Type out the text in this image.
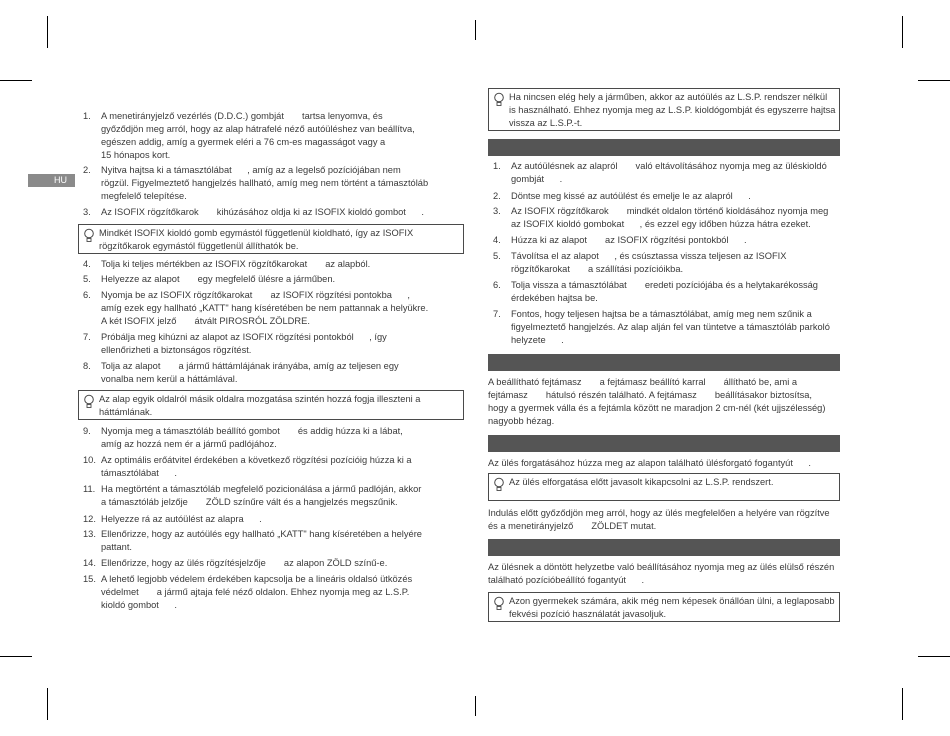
HU
1.	A menetirányjelző vezérlés (D.D.C.) gombját       tartsa lenyomva, és
győződjön meg arról, hogy az alap hátrafelé néző autóüléshez van beállítva,
egészen addig, amíg a gyermek eléri a 76 cm-es magasságot vagy a
15 hónapos kort.
2.	Nyitva hajtsa ki a támasztólábat      , amíg az a legelső pozíciójában nem
rögzül. Figyelmeztető hangjelzés hallható, amíg meg nem történt a támasztóláb
megfelelő telepítése.
3.	Az ISOFIX rögzítőkarok       kihúzásához oldja ki az ISOFIX kioldó gombot      .
4.	Tolja ki teljes mértékben az ISOFIX rögzítőkarokat       az alapból.
5.	Helyezze az alapot       egy megfelelő ülésre a járműben.
6.	Nyomja be az ISOFIX rögzítőkarokat       az ISOFIX rögzítési pontokba      ,
amíg ezek egy hallható „KATT" hang kíséretében be nem pattannak a helyükre.
A két ISOFIX jelző       átvált PIROSRÓL ZÖLDRE.
7.	Próbálja meg kihúzni az alapot az ISOFIX rögzítési pontokból      , így
ellenőrizheti a biztonságos rögzítést.
8.	Tolja az alapot       a jármű háttámlájának irányába, amíg az teljesen egy
vonalba nem kerül a háttámlával.
9.	Nyomja meg a támasztóláb beállító gombot       és addig húzza ki a lábat,
amíg az hozzá nem ér a jármű padlójához.
10. Az optimális erőátvitel érdekében a következő rögzítési pozícióig húzza ki a
támasztólábat      .
11. Ha megtörtént a támasztóláb megfelelő pozicionálása a jármű padlóján, akkor
a támasztóláb jelzője       ZÖLD színűre vált és a hangjelzés megszűnik.
12. Helyezze rá az autóülést az alapra      .
13. Ellenőrizze, hogy az autóülés egy hallható „KATT" hang kíséretében a helyére
pattant.
14. Ellenőrizze, hogy az ülés rögzítésjelzője       az alapon ZÖLD színű-e.
15. A lehető legjobb védelem érdekében kapcsolja be a lineáris oldalsó ütközés
védelmet       a jármű ajtaja felé néző oldalon. Ehhez nyomja meg az L.S.P.
kioldó gombot      .
Mindkét ISOFIX kioldó gomb egymástól függetlenül kioldható, így az ISOFIX
rögzítőkarok egymástól függetlenül állíthatók be.
Az alap egyik oldalról másik oldalra mozgatása szintén hozzá fogja illeszteni a
háttámlának.
Ha nincsen elég hely a járműben, akkor az autóülés az L.S.P. rendszer nélkül
is használható. Ehhez nyomja meg az L.S.P. kioldógombját és egyszerre hajtsa
vissza az L.S.P.-t.
1.	Az autóülésnek az alapról       való eltávolításához nyomja meg az üléskioldó
gombját      .
2.	Döntse meg kissé az autóülést és emelje le az alapról      .
3.	Az ISOFIX rögzítőkarok       mindkét oldalon történő kioldásához nyomja meg
az ISOFIX kioldó gombokat      , és ezzel egy időben húzza hátra ezeket.
4.	Húzza ki az alapot       az ISOFIX rögzítési pontokból      .
5.	Távolítsa el az alapot      , és csúsztassa vissza teljesen az ISOFIX
rögzítőkarokat       a szállítási pozícióikba.
6.	Tolja vissza a támasztólábat       eredeti pozíciójába és a helytakarékosság
érdekében hajtsa be.
7.	Fontos, hogy teljesen hajtsa be a támasztólábat, amíg meg nem szűnik a
figyelmeztető hangjelzés. Az alap alján fel van tüntetve a támasztóláb parkoló
helyzete      .
A beállítható fejtámasz       a fejtámasz beállító karral       állítható be, ami a
fejtámasz       hátulsó részén található. A fejtámasz       beállításakor biztosítsa,
hogy a gyermek válla és a fejtámla között ne maradjon 2 cm-nél (két ujjszélesség)
nagyobb hézag.
Az ülés forgatásához húzza meg az alapon található ülésforgató fogantyút      .
Az ülés elforgatása előtt javasolt kikapcsolni az L.S.P. rendszert.
Indulás előtt győződjön meg arról, hogy az ülés megfelelően a helyére van rögzítve
és a menetirányjelző       ZÖLDET mutat.
Az ülésnek a döntött helyzetbe való beállításához nyomja meg az ülés elülső részén
található pozícióbeállító fogantyút      .
Azon gyermekek számára, akik még nem képesek önállóan ülni, a leglaposabb
fekvési pozíció használatát javasoljuk.
